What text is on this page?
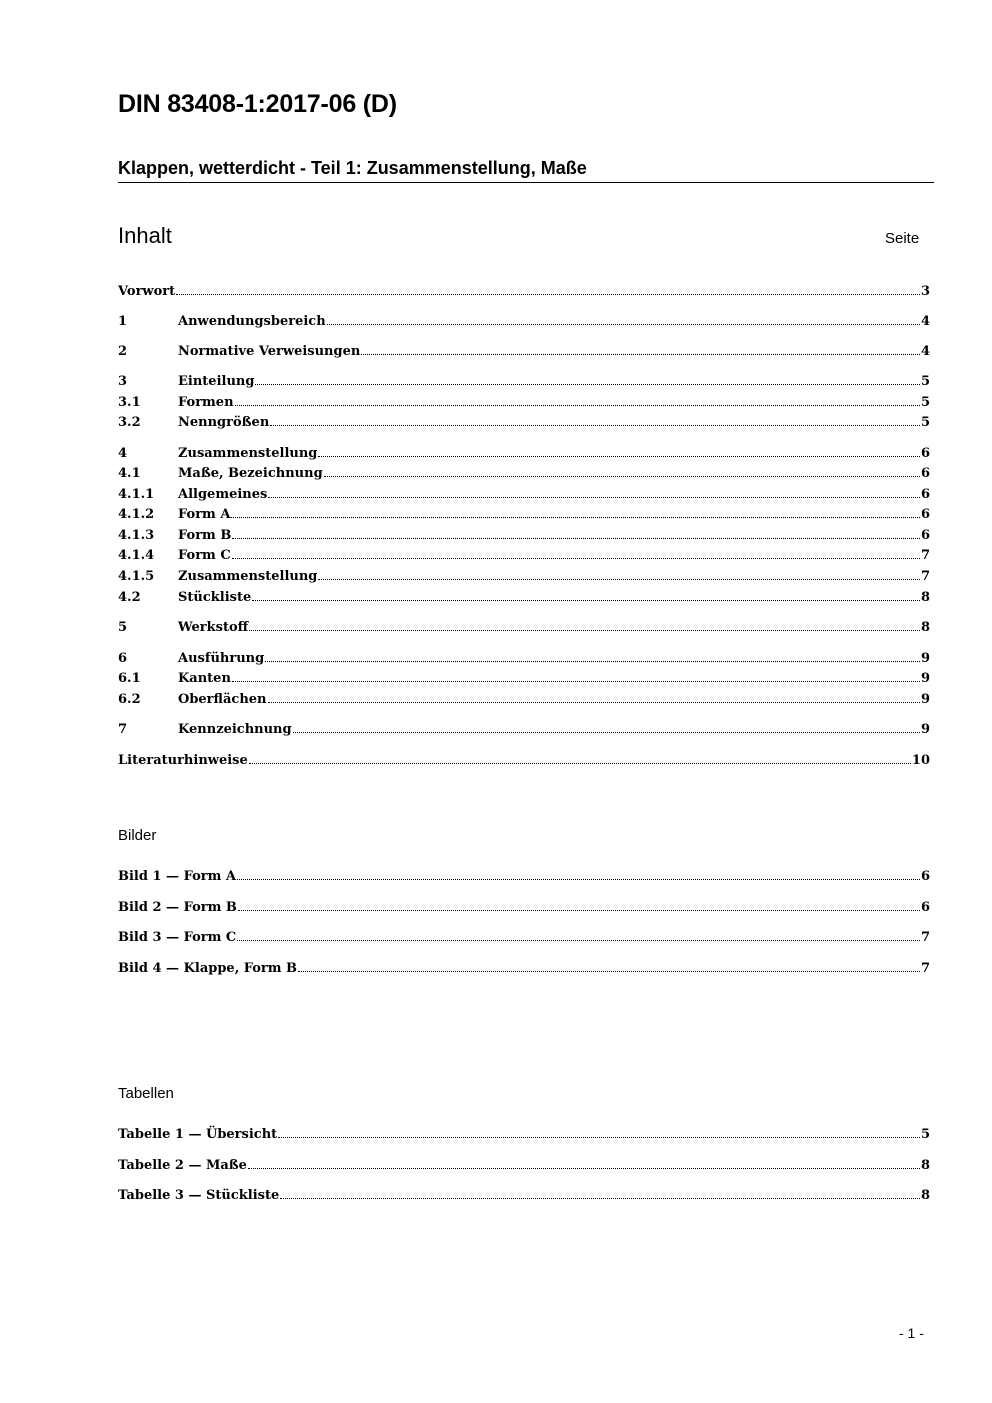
DIN 83408-1:2017-06 (D)
Klappen, wetterdicht - Teil 1: Zusammenstellung, Maße
Inhalt	Seite
Vorwort	3
1	Anwendungsbereich	4
2	Normative Verweisungen	4
3	Einteilung	5
3.1	Formen	5
3.2	Nenngrößen	5
4	Zusammenstellung	6
4.1	Maße, Bezeichnung	6
4.1.1	Allgemeines	6
4.1.2	Form A	6
4.1.3	Form B	6
4.1.4	Form C	7
4.1.5	Zusammenstellung	7
4.2	Stückliste	8
5	Werkstoff	8
6	Ausführung	9
6.1	Kanten	9
6.2	Oberflächen	9
7	Kennzeichnung	9
Literaturhinweise	10
Bilder
Bild 1 — Form A	6
Bild 2 — Form B	6
Bild 3 — Form C	7
Bild 4 — Klappe, Form B	7
Tabellen
Tabelle 1 — Übersicht	5
Tabelle 2 — Maße	8
Tabelle 3 — Stückliste	8
- 1 -
